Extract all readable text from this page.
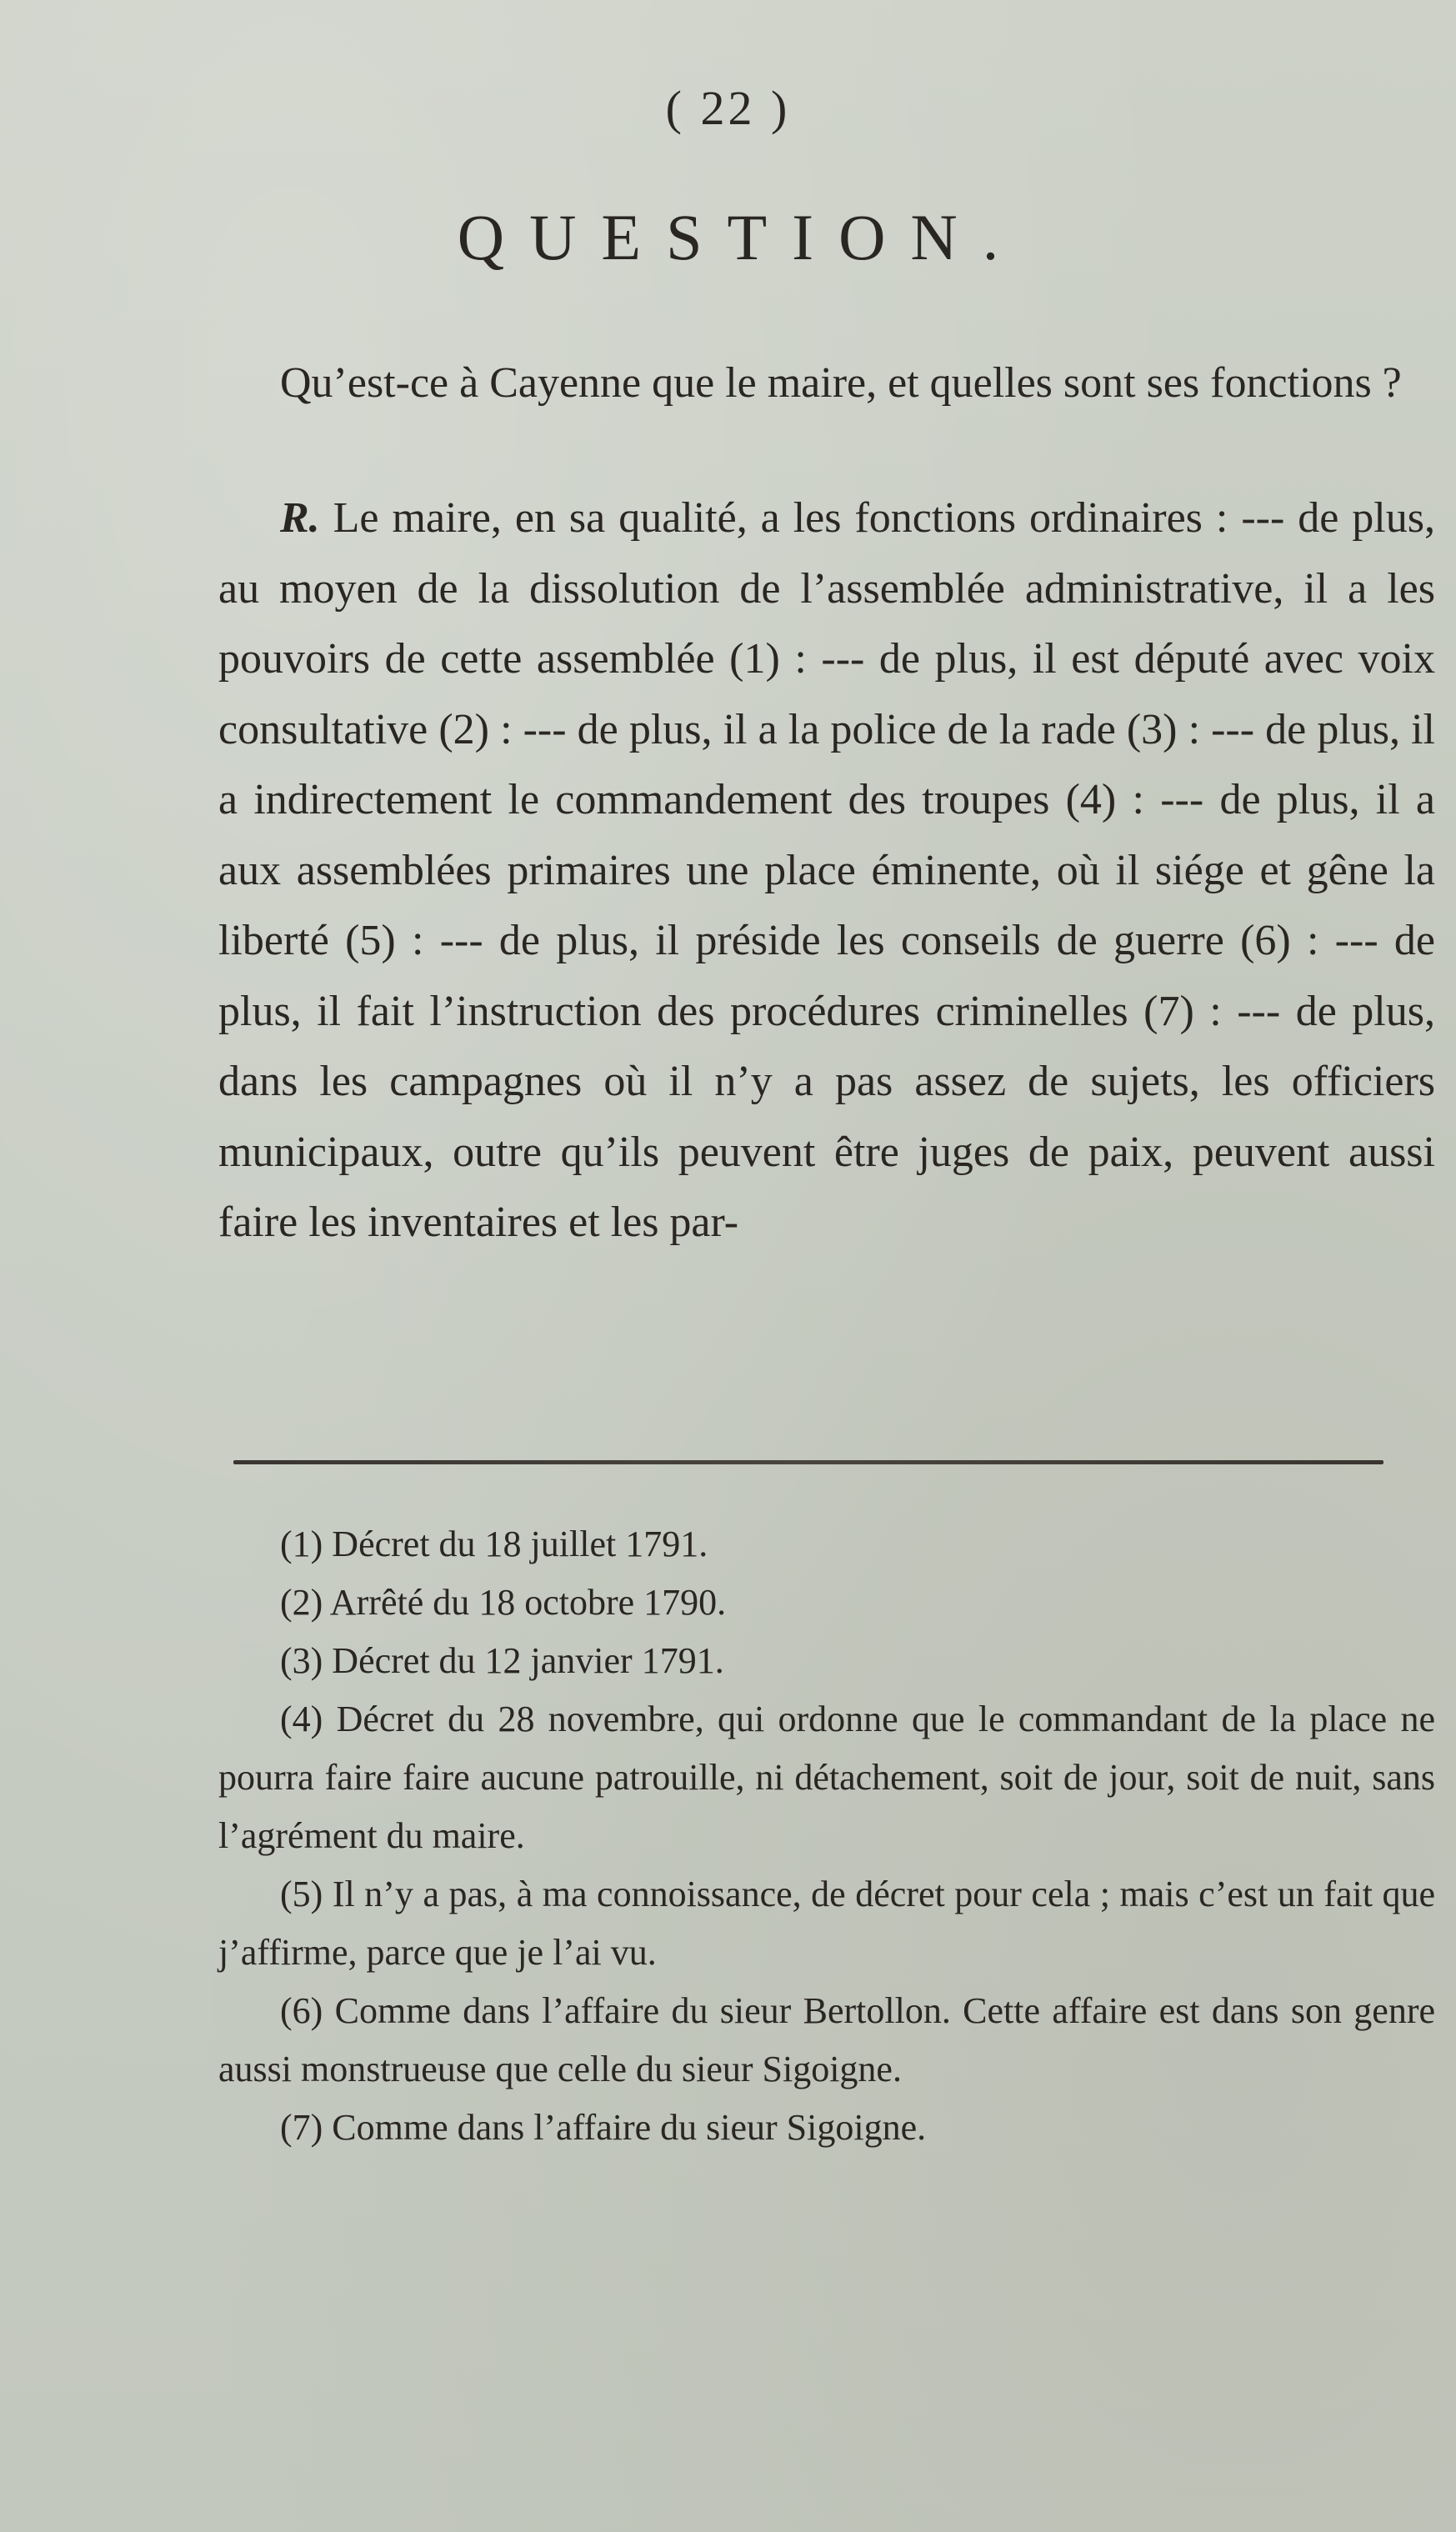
( 22 )
QUESTION.

Qu’est-ce à Cayenne que le maire, et quelles sont ses fonctions ?

R. Le maire, en sa qualité, a les fonctions ordinaires : --- de plus, au moyen de la dissolution de l’assemblée administrative, il a les pouvoirs de cette assemblée (1) : --- de plus, il est député avec voix consultative (2) : --- de plus, il a la police de la rade (3) : --- de plus, il a indirectement le commandement des troupes (4) : --- de plus, il a aux assemblées primaires une place éminente, où il siége et gêne la liberté (5) : --- de plus, il préside les conseils de guerre (6) : --- de plus, il fait l’instruction des procédures criminelles (7) : --- de plus, dans les campagnes où il n’y a pas assez de sujets, les officiers municipaux, outre qu’ils peuvent être juges de paix, peuvent aussi faire les inventaires et les par-

(1) Décret du 18 juillet 1791.
(2) Arrêté du 18 octobre 1790.
(3) Décret du 12 janvier 1791.
(4) Décret du 28 novembre, qui ordonne que le commandant de la place ne pourra faire faire aucune patrouille, ni détachement, soit de jour, soit de nuit, sans l’agrément du maire.
(5) Il n’y a pas, à ma connoissance, de décret pour cela ; mais c’est un fait que j’affirme, parce que je l’ai vu.
(6) Comme dans l’affaire du sieur Bertollon. Cette affaire est dans son genre aussi monstrueuse que celle du sieur Sigoigne.
(7) Comme dans l’affaire du sieur Sigoigne.
